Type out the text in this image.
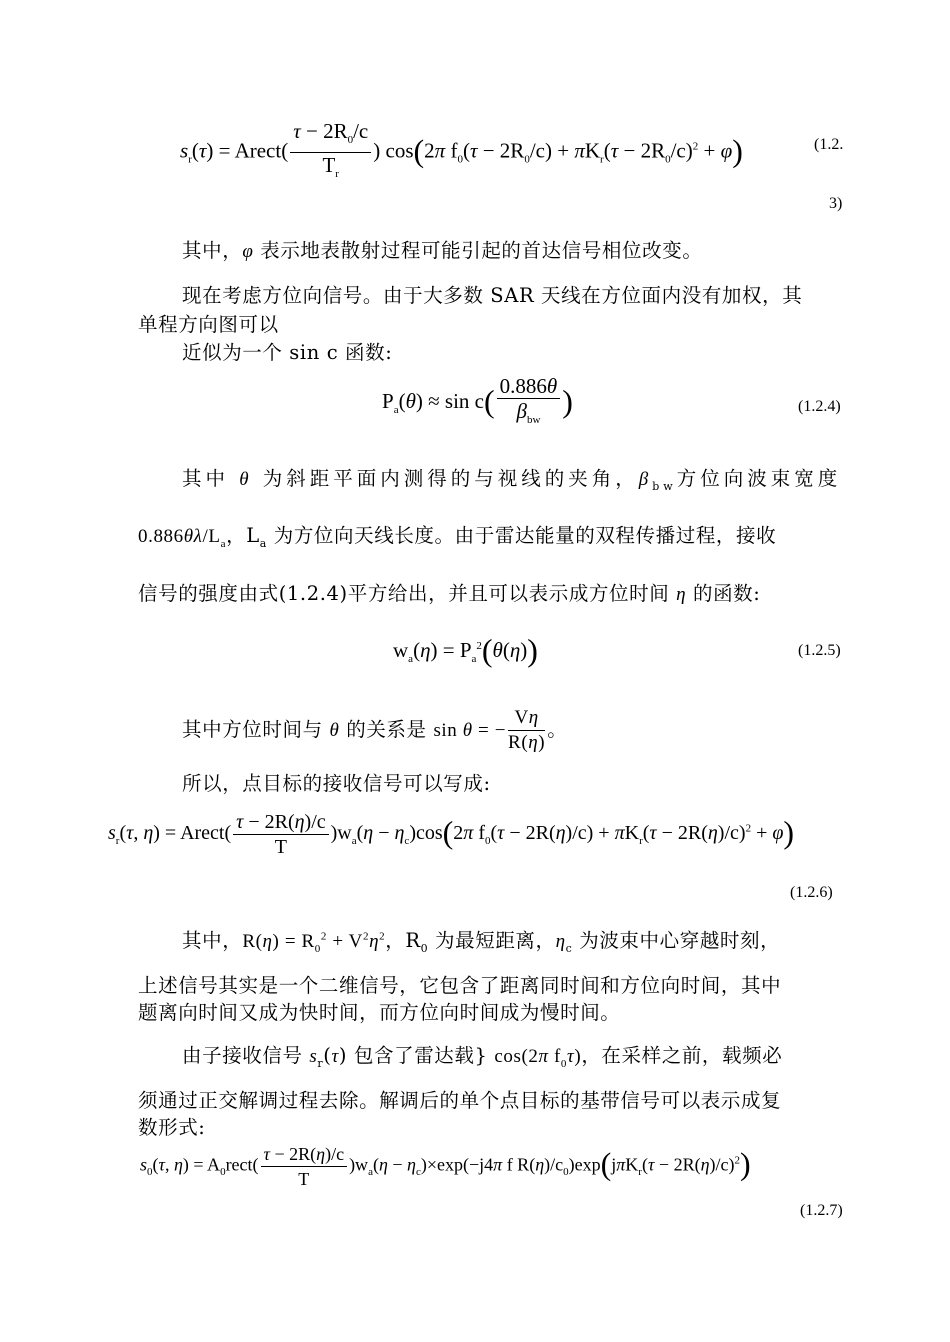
$s_r(\tau)$ = Arect( $\frac{\tau - 2R_0/c}{T_r}$ ) cos(2π $f_0(\tau - 2R_0/c) + \pi K_r(\tau - 2R_0/c)^2 + \varphi$)	(1.2.
3)
其中，φ 表示地表散射过程可能引起的首达信号相位改变。
现在考虑方位向信号。由于大多数 SAR 天线在方位面内没有加权，其
单程方向图可以
近似为一个 sin c 函数:
$P_a(\theta) \approx \sin c( \frac{0.886\theta}{\beta_{bw}}$ )	(1.2.4)
其中 θ 为斜距平面内测得的与视线的夹角，$\beta_{bw}$方位向波束宽度
$0.886\theta\lambda/L_a$，$L_a$ 为方位向天线长度。由于雷达能量的双程传播过程，接收
信号的强度由式(1.2.4)平方给出，并且可以表示成方位时间 η 的函数:
$w_a(\eta) = P_a^2(\theta(\eta))$	(1.2.5)
其中方位时间与 θ 的关系是 sin θ = − $\frac{V\eta}{R(\eta)}$ 。
所以，点目标的接收信号可以写成:
$s_r(\tau$, η) = Arect( $\frac{\tau - 2R(\eta)/c}{T} )w_a(\eta - \eta_c)\cos(2\pi$ $f_0(\tau - 2R(\eta)/c) + \pi K_r(\tau - 2R(\eta)/c)^2 + \varphi$)
(1.2.6)
其中，$R(\eta) = R_0^2 + V^2\eta^2$，$R_0$ 为最短距离，$\eta_c$ 为波束中心穿越时刻，
上述信号其实是一个二维信号，它包含了距离同时间和方位向时间，其中
题离向时间又成为快时间，而方位向时间成为慢时间。
由子接收信号 $s_r(\tau)$ 包含了雷达载} cos(2π $f_0\tau$)，在采样之前，载频必
须通过正交解调过程去除。解调后的单个点目标的基带信号可以表示成复
数形式:
$s_0(\tau$, $\eta) = A_0rect( \frac{\tau - 2R(\eta)/c}{T} )w_a(\eta - \eta_c)\times\exp(-j4\pi$ f $R(\eta)/c_0)\exp(j\pi K_r(\tau - 2R(\eta)/c)^2)$
(1.2.7)
